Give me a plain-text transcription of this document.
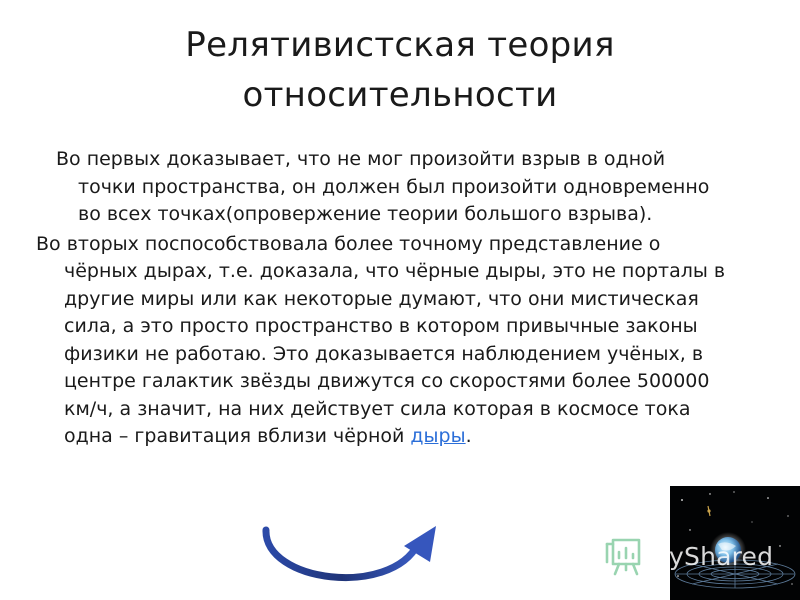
Релятивистская теория
относительности

Во первых доказывает, что не мог произойти взрыв в одной точки пространства, он должен был произойти одновременно во всех точках(опровержение теории большого взрыва).

Во вторых поспособствовала более точному представление о чёрных дырах, т.е. доказала, что чёрные дыры, это не порталы в другие миры или как некоторые думают, что они мистическая сила, а это просто пространство в котором привычные законы физики не работаю. Это доказывается наблюдением учёных, в центре галактик звёзды движутся со скоростями более 500000 км/ч, а значит, на них действует сила которая в космосе тока одна – гравитация вблизи чёрной дыры.

yShared
